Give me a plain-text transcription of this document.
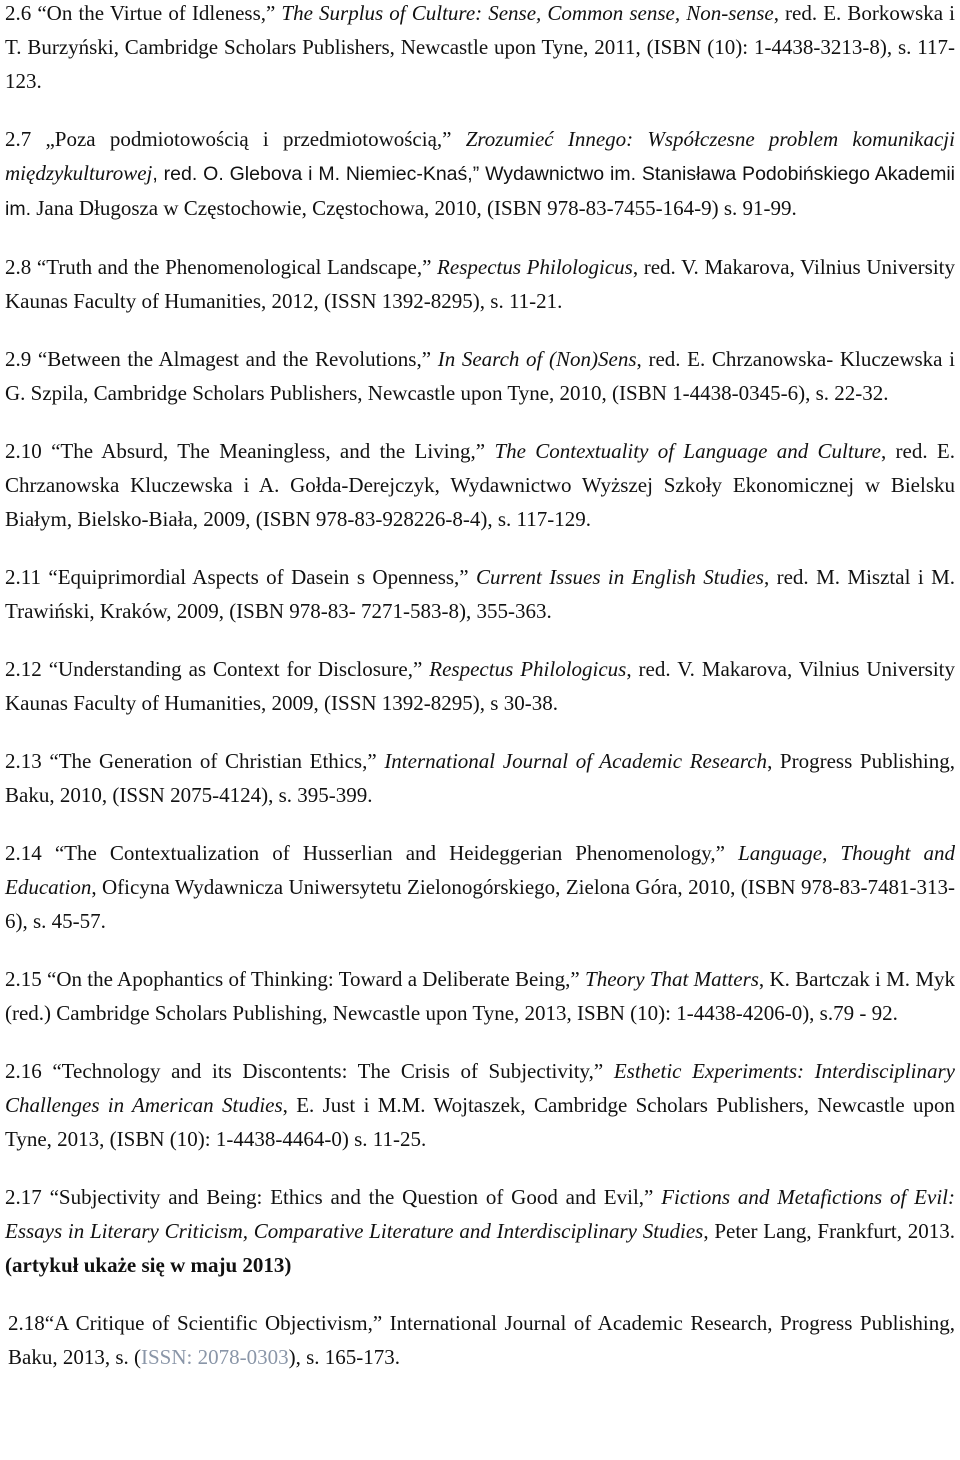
2.6 “On the Virtue of Idleness,” The Surplus of Culture: Sense, Common sense, Non-sense, red. E. Borkowska i T. Burzyński, Cambridge Scholars Publishers, Newcastle upon Tyne, 2011, (ISBN (10): 1-4438-3213-8), s. 117-123.

2.7 „Poza podmiotowością i przedmiotowością,” Zrozumieć Innego: Współczesne problem komunikacji międzykulturowej, red. O. Glebova i M. Niemiec-Knaś,” Wydawnictwo im. Stanisława Podobińskiego Akademii im. Jana Długosza w Częstochowie, Częstochowa, 2010, (ISBN 978-83-7455-164-9) s. 91-99.

2.8 “Truth and the Phenomenological Landscape,” Respectus Philologicus, red. V. Makarova, Vilnius University Kaunas Faculty of Humanities, 2012, (ISSN 1392-8295), s. 11-21.

2.9 “Between the Almagest and the Revolutions,” In Search of (Non)Sens, red. E. Chrzanowska- Kluczewska i G. Szpila, Cambridge Scholars Publishers, Newcastle upon Tyne, 2010, (ISBN 1-4438-0345-6), s. 22-32.

2.10 “The Absurd, The Meaningless, and the Living,” The Contextuality of Language and Culture, red. E. Chrzanowska Kluczewska i A. Gołda-Derejczyk, Wydawnictwo Wyższej Szkoły Ekonomicznej w Bielsku Białym, Bielsko-Biała, 2009, (ISBN 978-83-928226-8-4), s. 117-129.

2.11 “Equiprimordial Aspects of Dasein s Openness,” Current Issues in English Studies, red. M. Misztal i M. Trawiński, Kraków, 2009, (ISBN 978-83- 7271-583-8), 355-363.

2.12 “Understanding as Context for Disclosure,” Respectus Philologicus, red. V. Makarova, Vilnius University Kaunas Faculty of Humanities, 2009, (ISSN 1392-8295), s 30-38.

2.13 “The Generation of Christian Ethics,” International Journal of Academic Research, Progress Publishing, Baku, 2010, (ISSN 2075-4124), s. 395-399.

2.14 “The Contextualization of Husserlian and Heideggerian Phenomenology,” Language, Thought and Education, Oficyna Wydawnicza Uniwersytetu Zielonogórskiego, Zielona Góra, 2010, (ISBN 978-83-7481-313-6), s. 45-57.

2.15 “On the Apophantics of Thinking: Toward a Deliberate Being,” Theory That Matters, K. Bartczak i M. Myk (red.) Cambridge Scholars Publishing, Newcastle upon Tyne, 2013, ISBN (10): 1-4438-4206-0), s.79 - 92.

2.16 “Technology and its Discontents: The Crisis of Subjectivity,” Esthetic Experiments: Interdisciplinary Challenges in American Studies, E. Just i M.M. Wojtaszek, Cambridge Scholars Publishers, Newcastle upon Tyne, 2013, (ISBN (10): 1-4438-4464-0) s. 11-25.

2.17 “Subjectivity and Being: Ethics and the Question of Good and Evil,” Fictions and Metafictions of Evil: Essays in Literary Criticism, Comparative Literature and Interdisciplinary Studies, Peter Lang, Frankfurt, 2013.(artykuł ukaże się w maju 2013)

2.18“A Critique of Scientific Objectivism,” International Journal of Academic Research, Progress Publishing, Baku, 2013, s. (ISSN: 2078-0303), s. 165-173.
